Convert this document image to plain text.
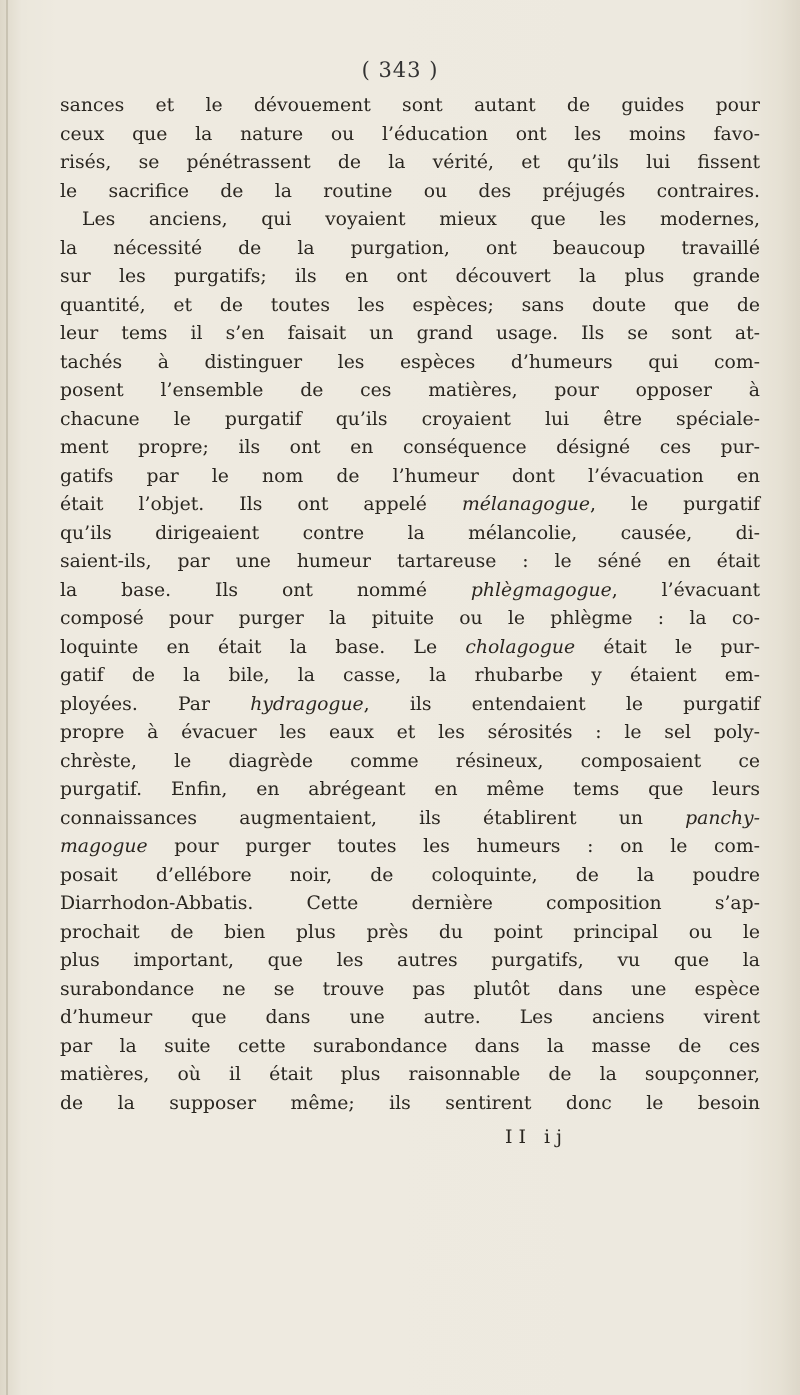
( 343 )
sances et le dévouement sont autant de guides pour
ceux que la nature ou l’éducation ont les moins favo-
risés, se pénétrassent de la vérité, et qu’ils lui fissent
le sacrifice de la routine ou des préjugés contraires.
Les anciens, qui voyaient mieux que les modernes,
la nécessité de la purgation, ont beaucoup travaillé
sur les purgatifs; ils en ont découvert la plus grande
quantité, et de toutes les espèces; sans doute que de
leur tems il s’en faisait un grand usage. Ils se sont at-
tachés à distinguer les espèces d’humeurs qui com-
posent l’ensemble de ces matières, pour opposer à
chacune le purgatif qu’ils croyaient lui être spéciale-
ment propre; ils ont en conséquence désigné ces pur-
gatifs par le nom de l’humeur dont l’évacuation en
était l’objet. Ils ont appelé mélanagogue, le purgatif
qu’ils dirigeaient contre la mélancolie, causée, di-
saient-ils, par une humeur tartareuse : le séné en était
la base. Ils ont nommé phlègmagogue, l’évacuant
composé pour purger la pituite ou le phlègme : la co-
loquinte en était la base. Le cholagogue était le pur-
gatif de la bile, la casse, la rhubarbe y étaient em-
ployées. Par hydragogue, ils entendaient le purgatif
propre à évacuer les eaux et les sérosités : le sel poly-
chrèste, le diagrède comme résineux, composaient ce
purgatif. Enfin, en abrégeant en même tems que leurs
connaissances augmentaient, ils établirent un panchy-
magogue pour purger toutes les humeurs : on le com-
posait d’ellébore noir, de coloquinte, de la poudre
Diarrhodon-Abbatis. Cette dernière composition s’ap-
prochait de bien plus près du point principal ou le
plus important, que les autres purgatifs, vu que la
surabondance ne se trouve pas plutôt dans une espèce
d’humeur que dans une autre. Les anciens virent
par la suite cette surabondance dans la masse de ces
matières, où il était plus raisonnable de la soupçonner,
de la supposer même; ils sentirent donc le besoin
II ij
